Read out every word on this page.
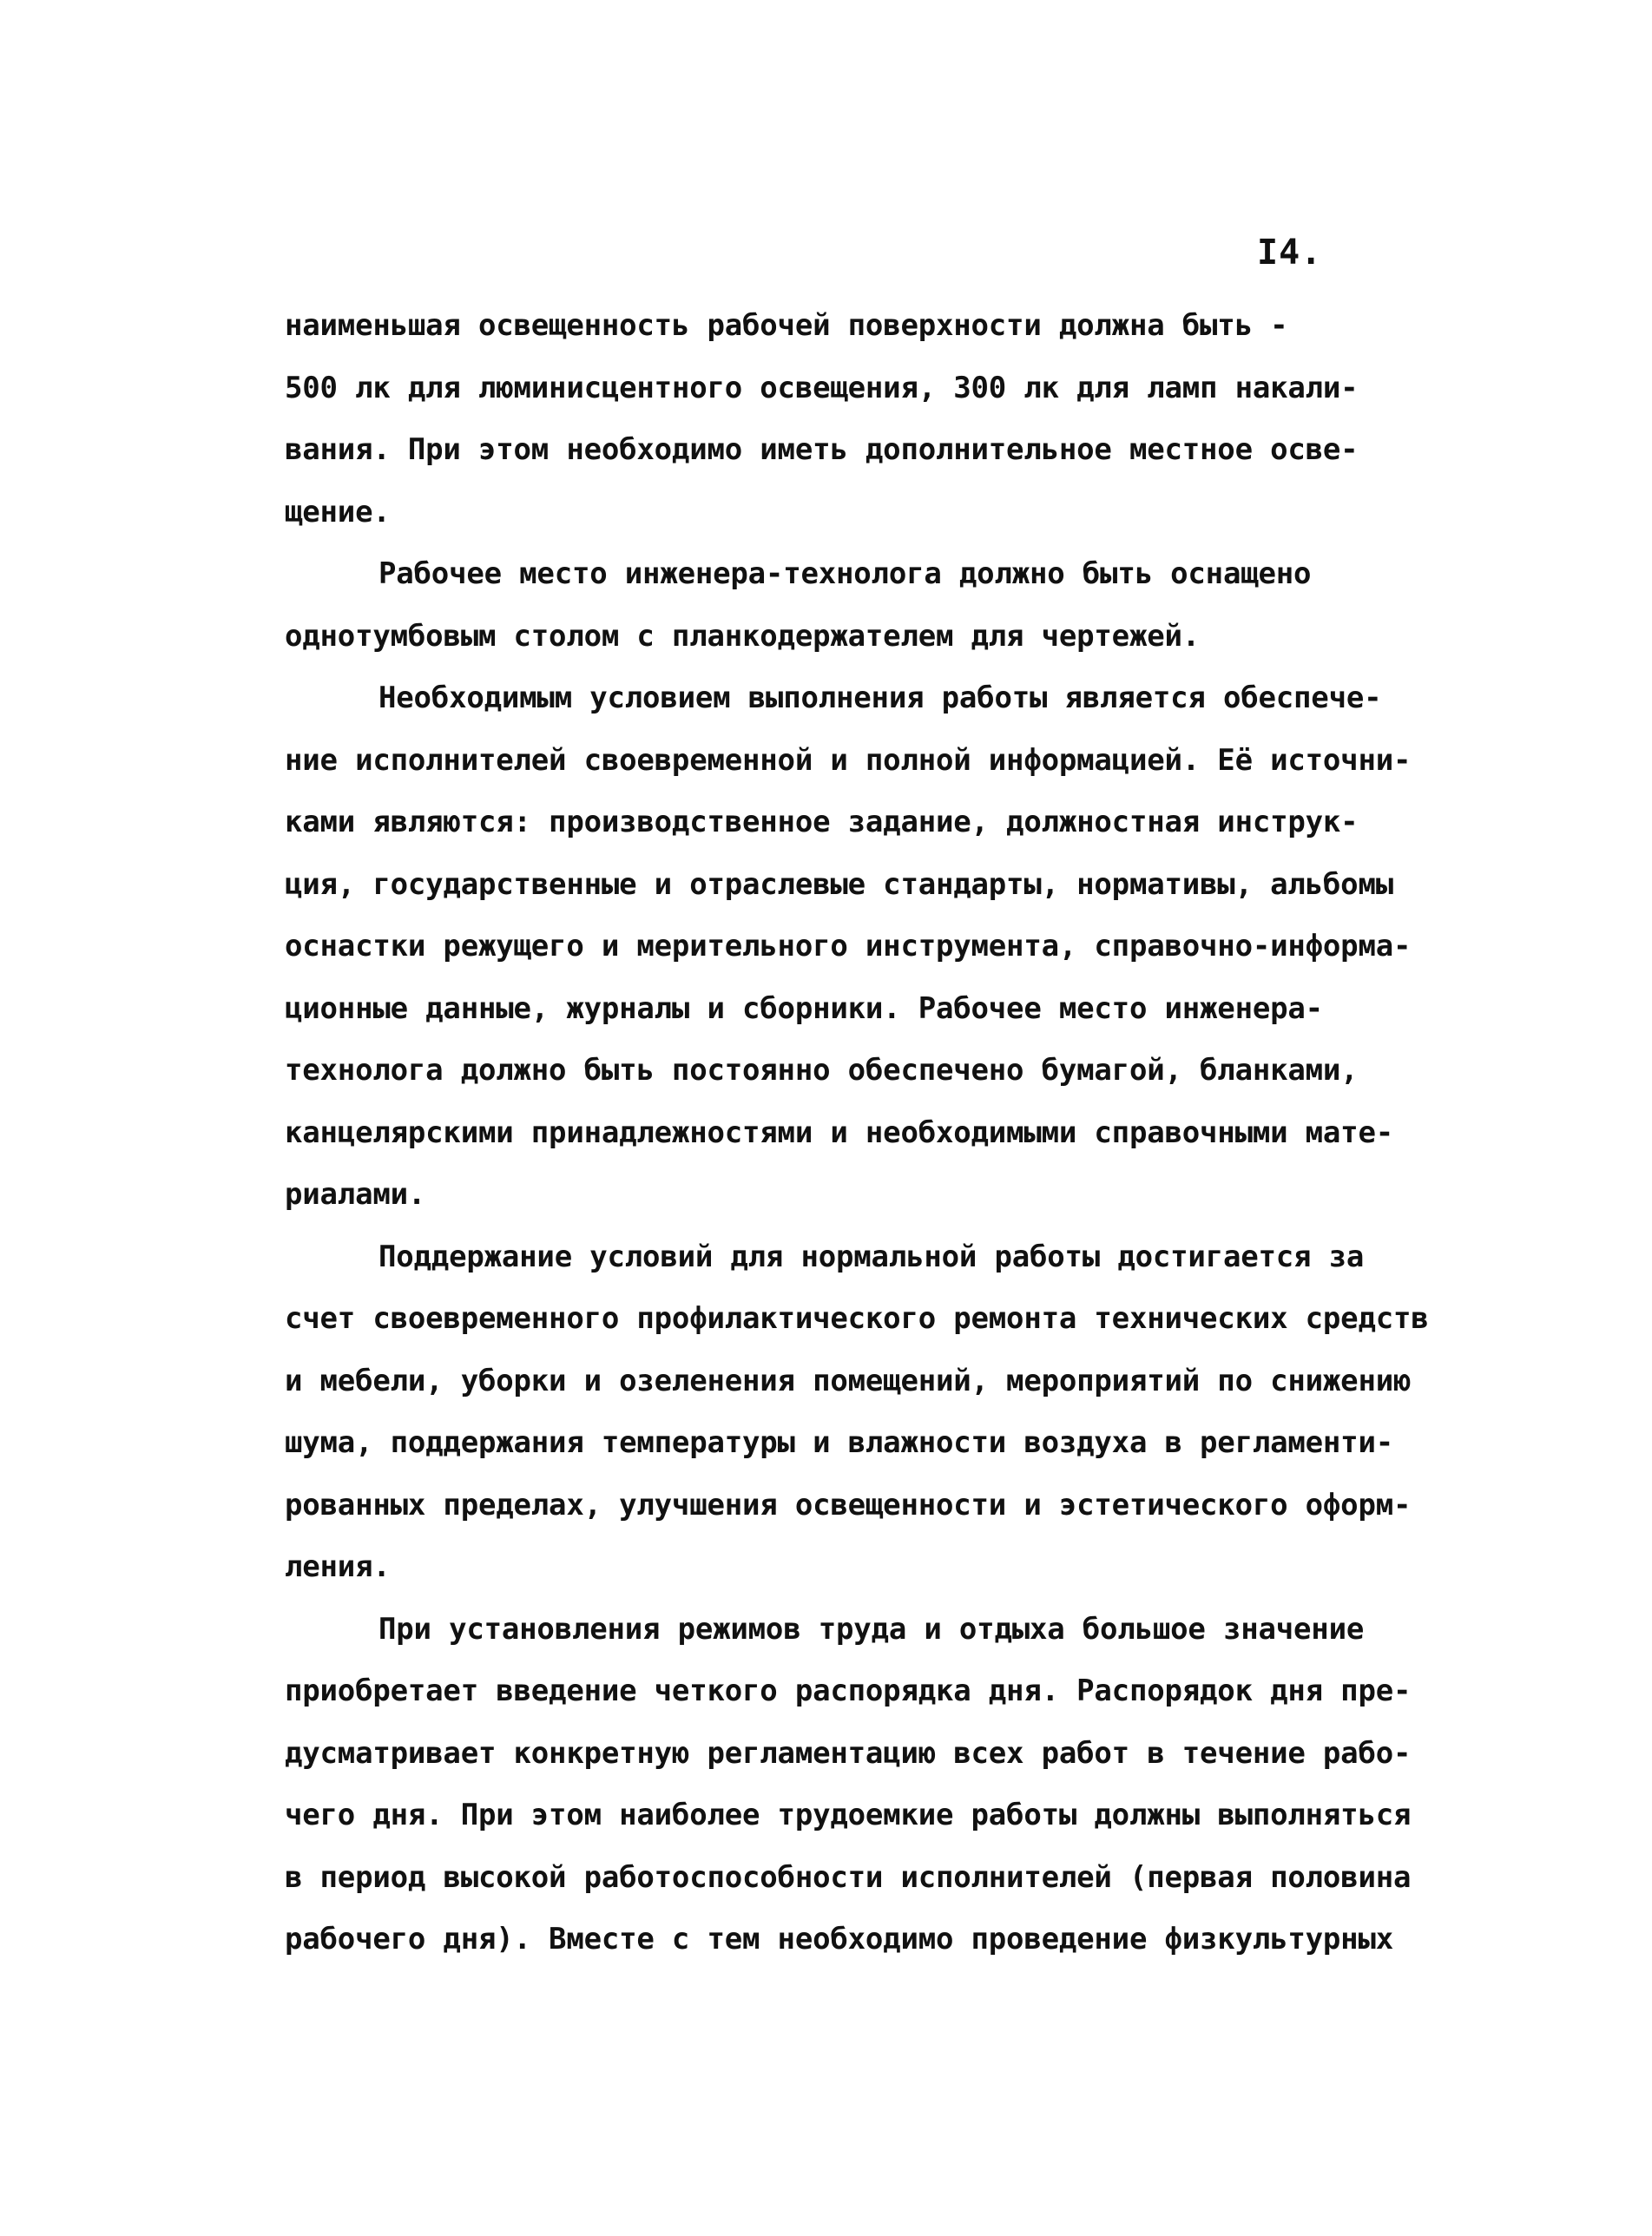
I4.
наименьшая освещенность рабочей поверхности должна быть -
500 лк для люминисцентного освещения, 300 лк для ламп накали-
вания. При этом необходимо иметь дополнительное местное осве-
щение.
Рабочее место инженера-технолога должно быть оснащено
однотумбовым столом с планкодержателем для чертежей.
Необходимым условием выполнения работы является обеспече-
ние исполнителей своевременной и полной информацией. Её источни-
ками являются: производственное задание, должностная инструк-
ция, государственные и отраслевые стандарты, нормативы, альбомы
оснастки режущего и мерительного инструмента, справочно-информа-
ционные данные, журналы и сборники. Рабочее место инженера-
технолога должно быть постоянно обеспечено бумагой, бланками,
канцелярскими принадлежностями и необходимыми справочными мате-
риалами.
Поддержание условий для нормальной работы достигается за
счет своевременного профилактического ремонта технических средств
и мебели, уборки и озеленения помещений, мероприятий по снижению
шума, поддержания температуры и влажности воздуха в регламенти-
рованных пределах, улучшения освещенности и эстетического оформ-
ления.
При установления режимов труда и отдыха большое значение
приобретает введение четкого распорядка дня. Распорядок дня пре-
дусматривает конкретную регламентацию всех работ в течение рабо-
чего дня. При этом наиболее трудоемкие работы должны выполняться
в период высокой работоспособности исполнителей (первая половина
рабочего дня). Вместе с тем необходимо проведение физкультурных
